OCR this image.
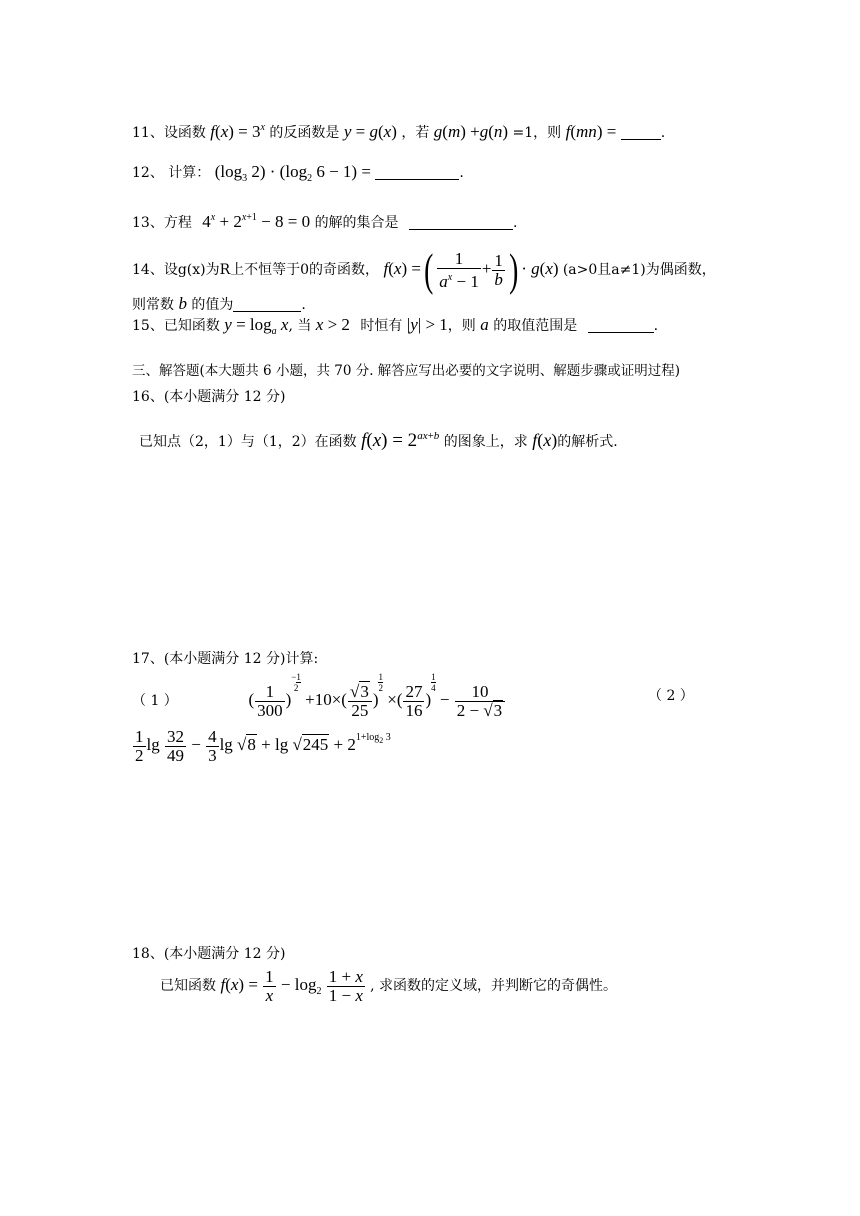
11、设函数 $f(x) = 3^x$ 的反函数是 y = g(x) ，若 g(m) +g(n) =1，则 f(mn) =	.
12、 计算： ($\log_3$ $2) \cdot (\log_2$ 6 − 1) =	.
13、方程 $4^x + 2^{x+1} - 8 = 0$ 的解的集合是	.
14、设g(x)为R上不恒等于0的奇函数， f(x) =( $\frac{1}{a^x - 1} + \frac{1}{b}$ ) · g(x) (a>0且a≠1)为偶函数，
则常数 b 的值为	.
15、已知函数 $y = \log_a x$, 当 x > 2 时恒有 |y| > 1，则 a 的取值范围是	.
三、解答题(本大题共 6 小题，共 70 分. 解答应写出必要的文字说明、解题步骤或证明过程)
16、(本小题满分 12 分)
已知点（2，1）与（1，2）在函数 $f(x) = 2^{ax+b}$ 的图象上，求 f(x)的解析式.
17、(本小题满分 12 分)计算:
（ 1 ）	( $\frac{1}{300} )-1$
2
$+10\times( \frac{√3}{25}$ )
$\frac{1}{2}$
×( $\frac{27}{16}$ )
$\frac{1}{4}$
− $\frac{10}{2 - √3}$	（ 2 ）
$\frac{1}{2}$ $\lg \frac{32}{49} - \frac{4}{3}$ $\lg √8 + \lg √245 + 2^{1+log_2 3}$
18、(本小题满分 12 分)
已知函数 $f(x) = \frac{1}{x} - \log_2 \frac{1 + x}{1 - x}$ , 求函数的定义域，并判断它的奇偶性。
